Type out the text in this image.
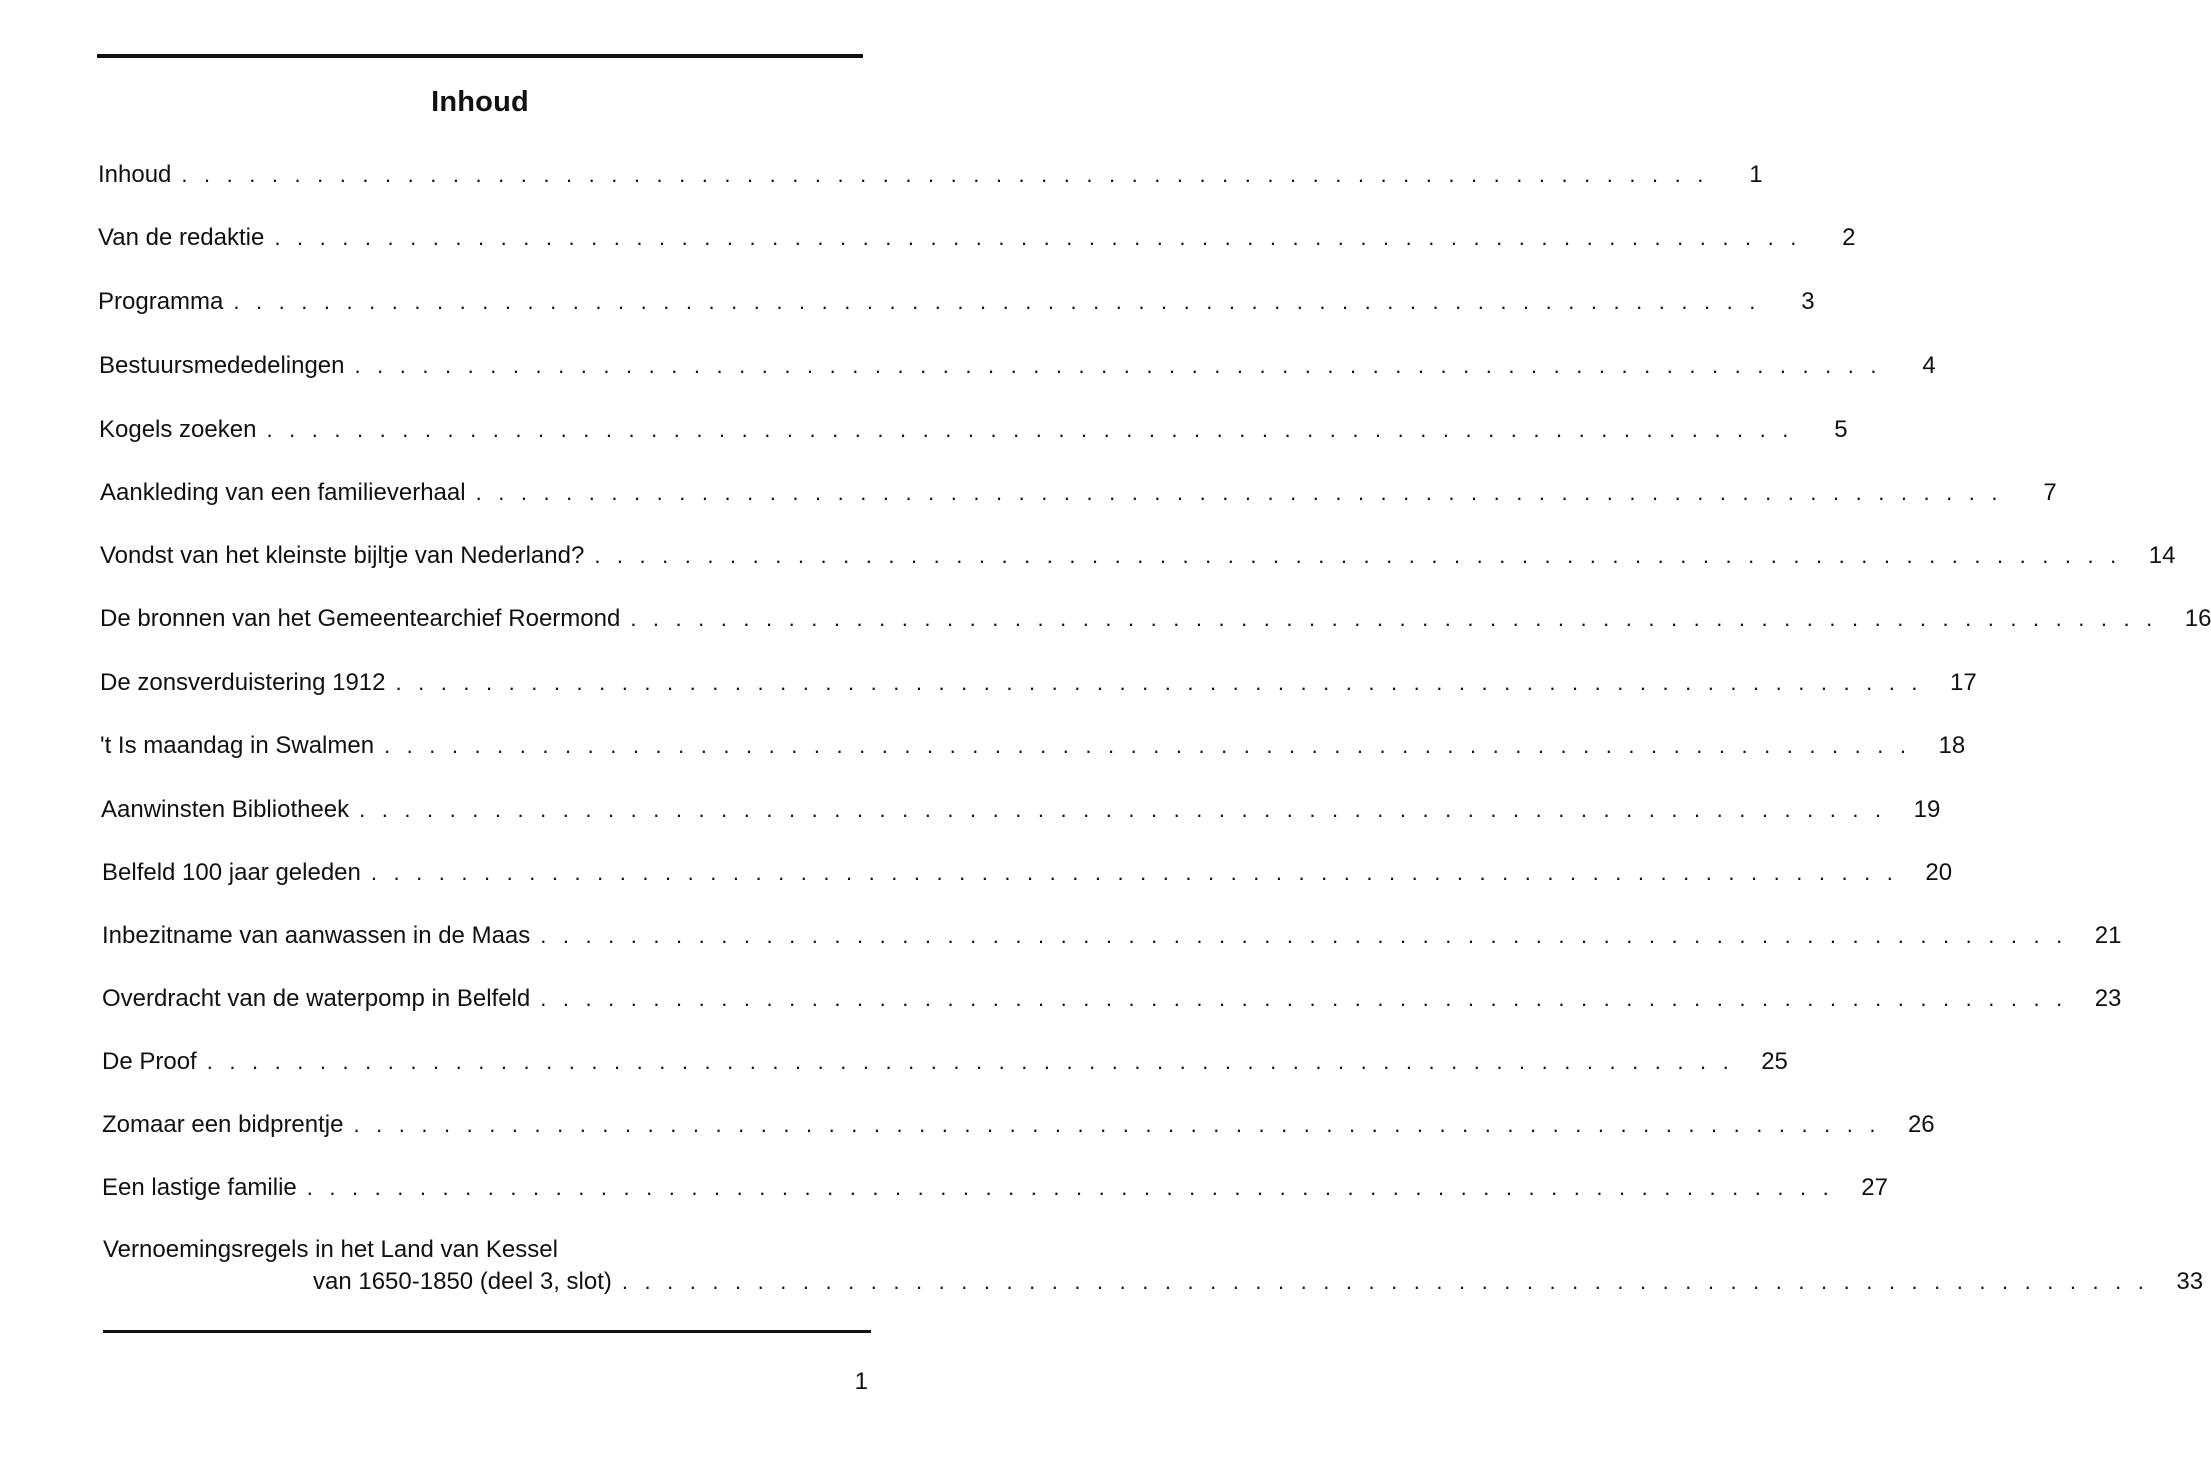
Inhoud
Inhoud . . . . . . . . . . . . . . . . . . . . . . . . . . . . . . . . . . . . . . . . . . . . . . . . . . . . . . . . . . . . . . . . . . . .	1
Van de redaktie . . . . . . . . . . . . . . . . . . . . . . . . . . . . . . . . . . . . . . . . . . . . . . . . . . . . . . . . . . . . . . . . . . . .	2
Programma . . . . . . . . . . . . . . . . . . . . . . . . . . . . . . . . . . . . . . . . . . . . . . . . . . . . . . . . . . . . . . . . . . . .	3
Bestuursmededelingen . . . . . . . . . . . . . . . . . . . . . . . . . . . . . . . . . . . . . . . . . . . . . . . . . . . . . . . . . . . . . . . . . . . .	4
Kogels zoeken . . . . . . . . . . . . . . . . . . . . . . . . . . . . . . . . . . . . . . . . . . . . . . . . . . . . . . . . . . . . . . . . . . . .	5
Aankleding van een familieverhaal . . . . . . . . . . . . . . . . . . . . . . . . . . . . . . . . . . . . . . . . . . . . . . . . . . . . . . . . . . . . . . . . . . . .	7
Vondst van het kleinste bijltje van Nederland? . . . . . . . . . . . . . . . . . . . . . . . . . . . . . . . . . . . . . . . . . . . . . . . . . . . . . . . . . . . . . . . . . . . .	14
De bronnen van het Gemeentearchief Roermond . . . . . . . . . . . . . . . . . . . . . . . . . . . . . . . . . . . . . . . . . . . . . . . . . . . . . . . . . . . . . . . . . . . .	16
De zonsverduistering 1912 . . . . . . . . . . . . . . . . . . . . . . . . . . . . . . . . . . . . . . . . . . . . . . . . . . . . . . . . . . . . . . . . . . . .	17
't Is maandag in Swalmen . . . . . . . . . . . . . . . . . . . . . . . . . . . . . . . . . . . . . . . . . . . . . . . . . . . . . . . . . . . . . . . . . . . .	18
Aanwinsten Bibliotheek . . . . . . . . . . . . . . . . . . . . . . . . . . . . . . . . . . . . . . . . . . . . . . . . . . . . . . . . . . . . . . . . . . . .	19
Belfeld 100 jaar geleden . . . . . . . . . . . . . . . . . . . . . . . . . . . . . . . . . . . . . . . . . . . . . . . . . . . . . . . . . . . . . . . . . . . .	20
Inbezitname van aanwassen in de Maas . . . . . . . . . . . . . . . . . . . . . . . . . . . . . . . . . . . . . . . . . . . . . . . . . . . . . . . . . . . . . . . . . . . .	21
Overdracht van de waterpomp in Belfeld . . . . . . . . . . . . . . . . . . . . . . . . . . . . . . . . . . . . . . . . . . . . . . . . . . . . . . . . . . . . . . . . . . . .	23
De Proof . . . . . . . . . . . . . . . . . . . . . . . . . . . . . . . . . . . . . . . . . . . . . . . . . . . . . . . . . . . . . . . . . . . .	25
Zomaar een bidprentje . . . . . . . . . . . . . . . . . . . . . . . . . . . . . . . . . . . . . . . . . . . . . . . . . . . . . . . . . . . . . . . . . . . .	26
Een lastige familie . . . . . . . . . . . . . . . . . . . . . . . . . . . . . . . . . . . . . . . . . . . . . . . . . . . . . . . . . . . . . . . . . . . .	27
Vernoemingsregels in het Land van Kessel
van 1650-1850 (deel 3, slot) . . . . . . . . . . . . . . . . . . . . . . . . . . . . . . . . . . . . . . . . . . . . . . . . . . . . . . . . . . . . . . . . . . . .	33
1
